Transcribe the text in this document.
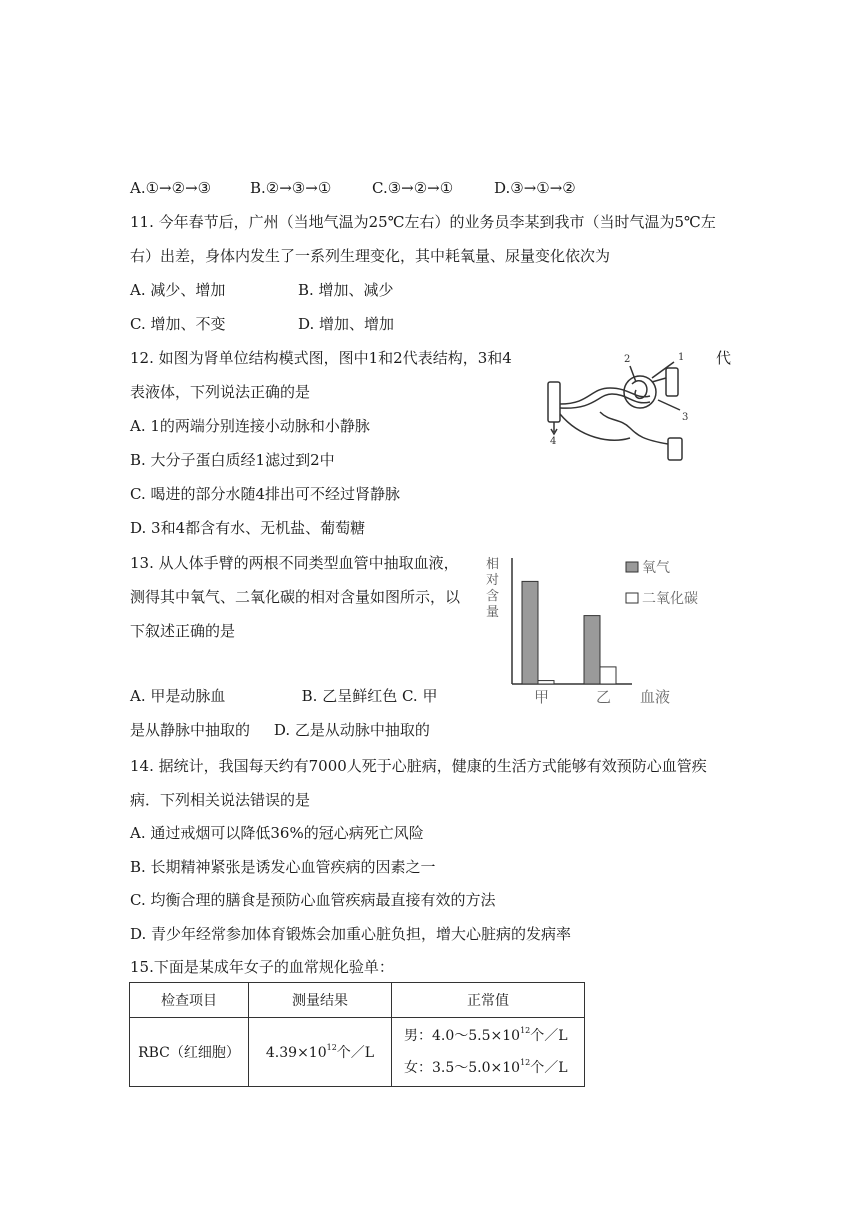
A.①→②→③	B.②→③→①	C.③→②→①	D.③→①→②
11. 今年春节后，广州（当地气温为25℃左右）的业务员李某到我市（当时气温为5℃左
右）出差，身体内发生了一系列生理变化，其中耗氧量、尿量变化依次为
A. 减少、增加	B. 增加、减少
C. 增加、不变	D. 增加、增加
12. 如图为肾单位结构模式图，图中1和2代表结构，3和4	代
表液体，下列说法正确的是
A. 1的两端分别连接小动脉和小静脉
B. 大分子蛋白质经1滤过到2中
C. 喝进的部分水随4排出可不经过肾静脉
D. 3和4都含有水、无机盐、葡萄糖
2	1
3
4
13. 从人体手臂的两根不同类型血管中抽取血液，
测得其中氧气、二氧化碳的相对含量如图所示，以
下叙述正确的是
A. 甲是动脉血                B. 乙呈鲜红色 C. 甲
是从静脉中抽取的     D. 乙是从动脉中抽取的
相
对
含
量
甲	乙 血液
氧气
二氧化碳
14. 据统计，我国每天约有7000人死于心脏病，健康的生活方式能够有效预防心血管疾
病．下列相关说法错误的是
A. 通过戒烟可以降低36%的冠心病死亡风险
B. 长期精神紧张是诱发心血管疾病的因素之一
C. 均衡合理的膳食是预防心血管疾病最直接有效的方法
D. 青少年经常参加体育锻炼会加重心脏负担，增大心脏病的发病率
15.下面是某成年女子的血常规化验单：
检查项目	测量结果	正常值
RBC（红细胞）	$4.39\times 10^{12}$个／L	男：$4.0\sim 5.5\times 10^{12}$个／L
女：$3.5\sim 5.0\times 10^{12}$个／L
